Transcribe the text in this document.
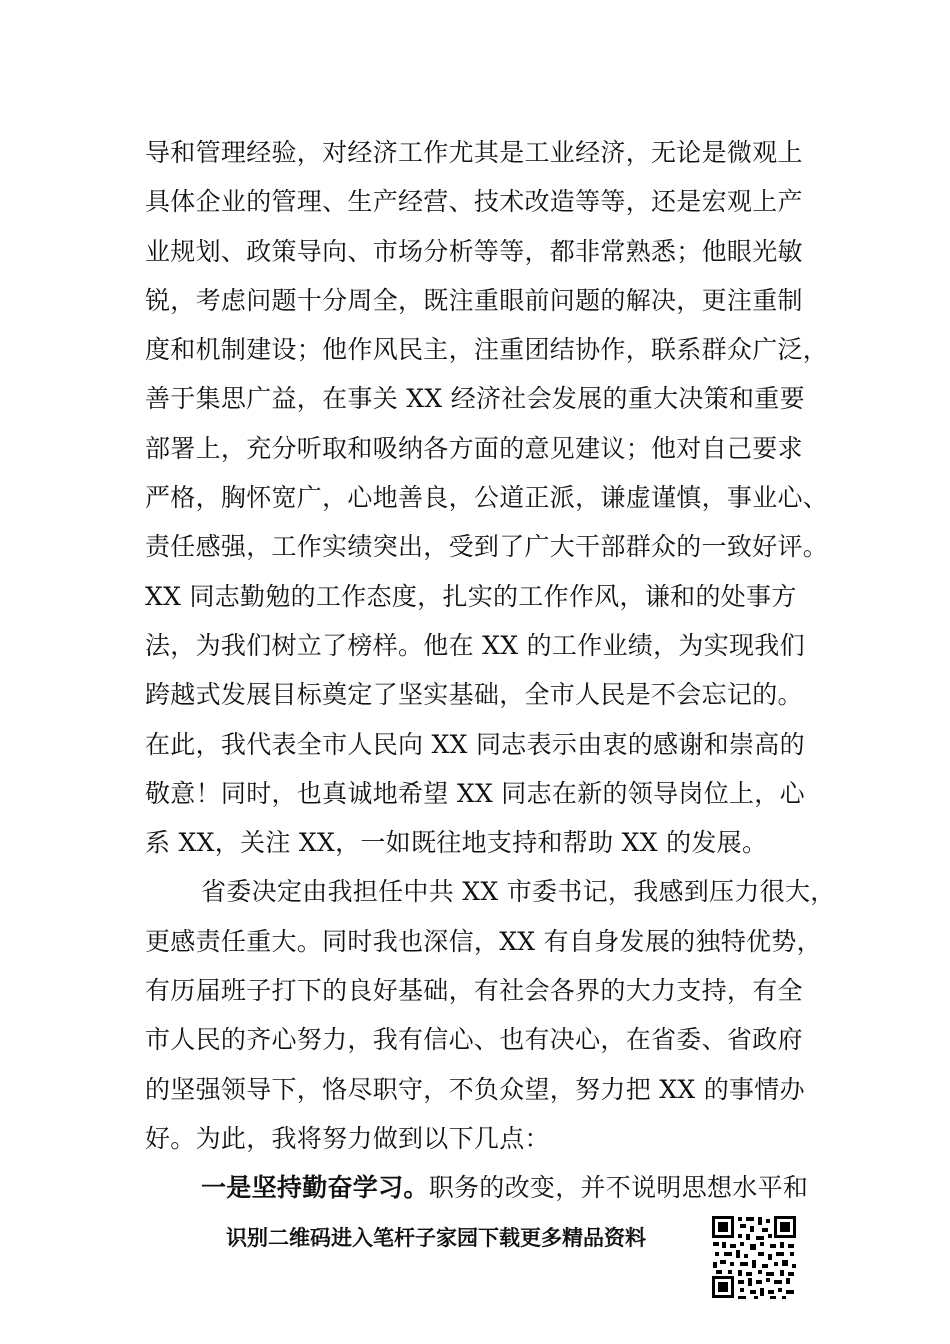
导和管理经验，对经济工作尤其是工业经济，无论是微观上
具体企业的管理、生产经营、技术改造等等，还是宏观上产
业规划、政策导向、市场分析等等，都非常熟悉；他眼光敏
锐，考虑问题十分周全，既注重眼前问题的解决，更注重制
度和机制建设；他作风民主，注重团结协作，联系群众广泛，
善于集思广益，在事关 XX 经济社会发展的重大决策和重要
部署上，充分听取和吸纳各方面的意见建议；他对自己要求
严格，胸怀宽广，心地善良，公道正派，谦虚谨慎，事业心、
责任感强，工作实绩突出，受到了广大干部群众的一致好评。
XX 同志勤勉的工作态度，扎实的工作作风，谦和的处事方
法，为我们树立了榜样。他在 XX 的工作业绩，为实现我们
跨越式发展目标奠定了坚实基础，全市人民是不会忘记的。
在此，我代表全市人民向 XX 同志表示由衷的感谢和崇高的
敬意！同时，也真诚地希望 XX 同志在新的领导岗位上，心
系 XX，关注 XX，一如既往地支持和帮助 XX 的发展。
省委决定由我担任中共 XX 市委书记，我感到压力很大，
更感责任重大。同时我也深信，XX 有自身发展的独特优势，
有历届班子打下的良好基础，有社会各界的大力支持，有全
市人民的齐心努力，我有信心、也有决心，在省委、省政府
的坚强领导下，恪尽职守，不负众望，努力把 XX 的事情办
好。为此，我将努力做到以下几点：
一是坚持勤奋学习。职务的改变，并不说明思想水平和
识别二维码进入笔杆子家园下载更多精品资料
